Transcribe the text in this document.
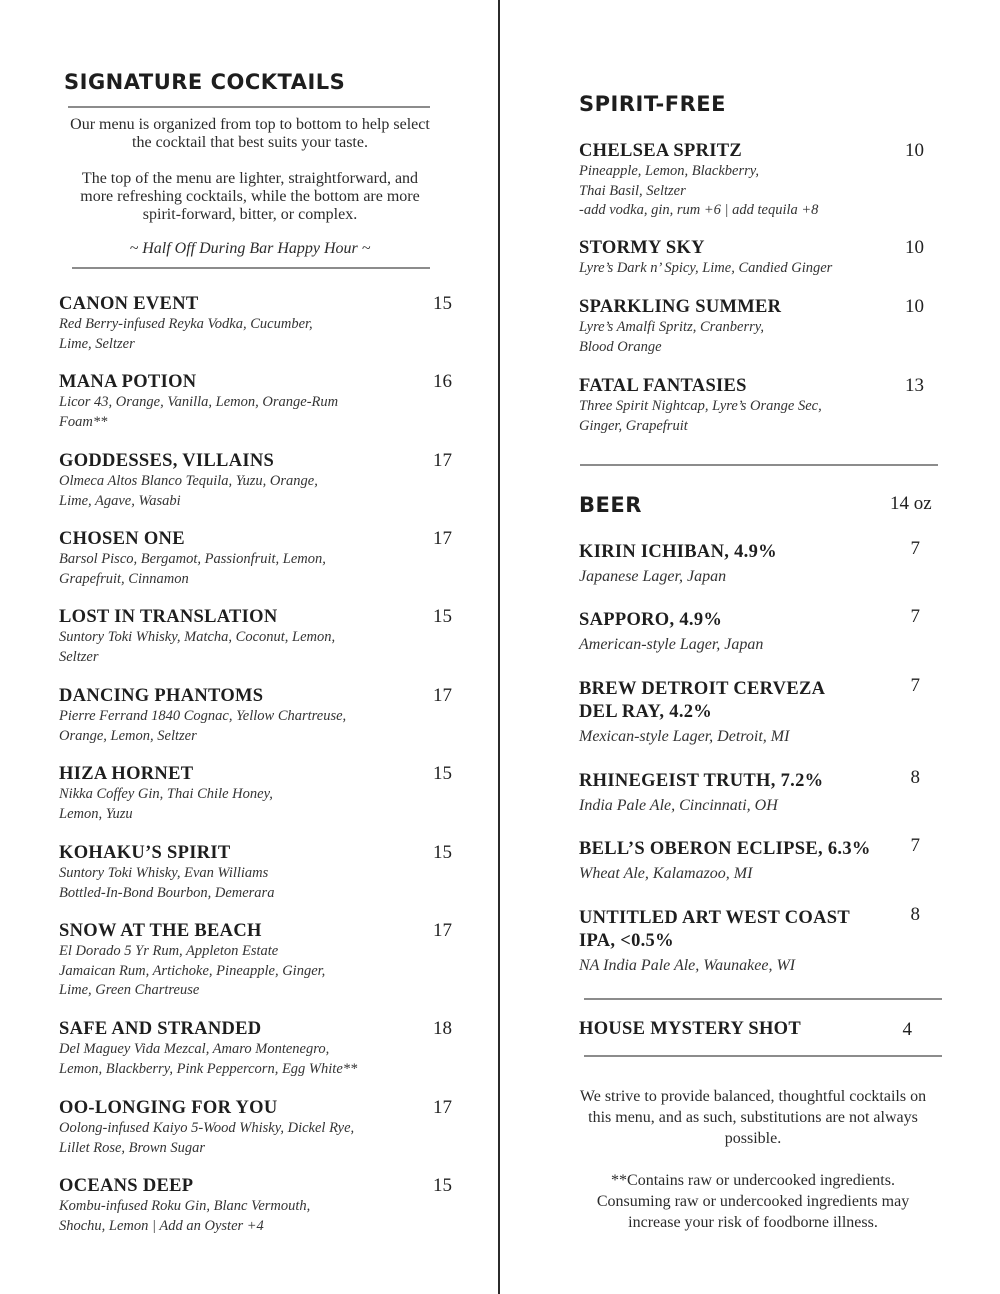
SIGNATURE COCKTAILS

Our menu is organized from top to bottom to help select the cocktail that best suits your taste.

The top of the menu are lighter, straightforward, and more refreshing cocktails, while the bottom are more spirit-forward, bitter, or complex.

~ Half Off During Bar Happy Hour ~
CANON EVENT
Red Berry-infused Reyka Vodka, Cucumber,
Lime, Seltzer
15
MANA POTION
Licor 43, Orange, Vanilla, Lemon, Orange-Rum
Foam**
16
GODDESSES, VILLAINS
Olmeca Altos Blanco Tequila, Yuzu, Orange,
Lime, Agave, Wasabi
17
CHOSEN ONE
Barsol Pisco, Bergamot, Passionfruit, Lemon,
Grapefruit, Cinnamon
17
LOST IN TRANSLATION
Suntory Toki Whisky, Matcha, Coconut, Lemon,
Seltzer
15
DANCING PHANTOMS
Pierre Ferrand 1840 Cognac, Yellow Chartreuse,
Orange, Lemon, Seltzer
17
HIZA HORNET
Nikka Coffey Gin, Thai Chile Honey,
Lemon, Yuzu
15
KOHAKU’S SPIRIT
Suntory Toki Whisky, Evan Williams
Bottled-In-Bond Bourbon, Demerara
15
SNOW AT THE BEACH
El Dorado 5 Yr Rum, Appleton Estate
Jamaican Rum, Artichoke, Pineapple, Ginger,
Lime, Green Chartreuse
17
SAFE AND STRANDED
Del Maguey Vida Mezcal, Amaro Montenegro,
Lemon, Blackberry, Pink Peppercorn, Egg White**
18
OO-LONGING FOR YOU
Oolong-infused Kaiyo 5-Wood Whisky, Dickel Rye,
Lillet Rose, Brown Sugar
17
OCEANS DEEP
Kombu-infused Roku Gin, Blanc Vermouth,
Shochu, Lemon | Add an Oyster +4
15
SPIRIT-FREE
CHELSEA SPRITZ
Pineapple, Lemon, Blackberry,
Thai Basil, Seltzer
-add vodka, gin, rum +6 | add tequila +8
10
STORMY SKY
Lyre’s Dark n’ Spicy, Lime, Candied Ginger
10
SPARKLING SUMMER
Lyre’s Amalfi Spritz, Cranberry,
Blood Orange
10
FATAL FANTASIES
Three Spirit Nightcap, Lyre’s Orange Sec,
Ginger, Grapefruit
13
BEER	14 oz
KIRIN ICHIBAN, 4.9%
Japanese Lager, Japan
7
SAPPORO, 4.9%
American-style Lager, Japan
7
BREW DETROIT CERVEZA
DEL RAY, 4.2%
Mexican-style Lager, Detroit, MI
7
RHINEGEIST TRUTH, 7.2%
India Pale Ale, Cincinnati, OH
8
BELL’S OBERON ECLIPSE, 6.3%
Wheat Ale, Kalamazoo, MI
7
UNTITLED ART WEST COAST
IPA, <0.5%
NA India Pale Ale, Waunakee, WI
8
HOUSE MYSTERY SHOT	4

We strive to provide balanced, thoughtful cocktails on this menu, and as such, substitutions are not always possible.

**Contains raw or undercooked ingredients. Consuming raw or undercooked ingredients may increase your risk of foodborne illness.
